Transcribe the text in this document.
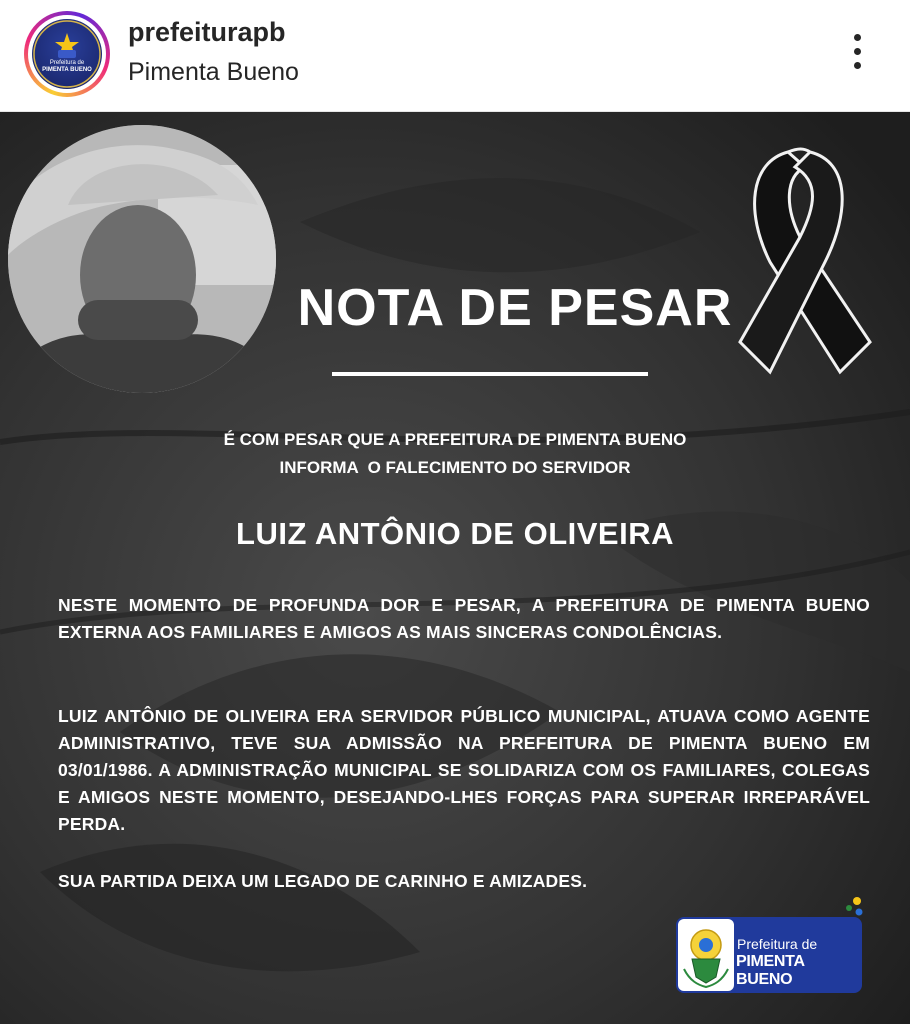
Prefeitura de
PIMENTA BUENO
prefeiturapb
Pimenta Bueno
NOTA DE PESAR
É COM PESAR QUE A PREFEITURA DE PIMENTA BUENO
INFORMA  O FALECIMENTO DO SERVIDOR
LUIZ ANTÔNIO DE OLIVEIRA
NESTE MOMENTO DE PROFUNDA DOR E PESAR, A PREFEITURA DE PIMENTA BUENO EXTERNA AOS FAMILIARES E AMIGOS AS MAIS SINCERAS CONDOLÊNCIAS.
LUIZ ANTÔNIO DE OLIVEIRA ERA SERVIDOR PÚBLICO MUNICIPAL, ATUAVA COMO AGENTE ADMINISTRATIVO, TEVE SUA ADMISSÃO NA PREFEITURA DE PIMENTA BUENO EM 03/01/1986. A ADMINISTRAÇÃO MUNICIPAL SE SOLIDARIZA COM OS FAMILIARES, COLEGAS E AMIGOS NESTE MOMENTO, DESEJANDO-LHES FORÇAS PARA SUPERAR IRREPARÁVEL PERDA.
SUA PARTIDA DEIXA UM LEGADO DE CARINHO E AMIZADES.
Prefeitura de
PIMENTA BUENO
